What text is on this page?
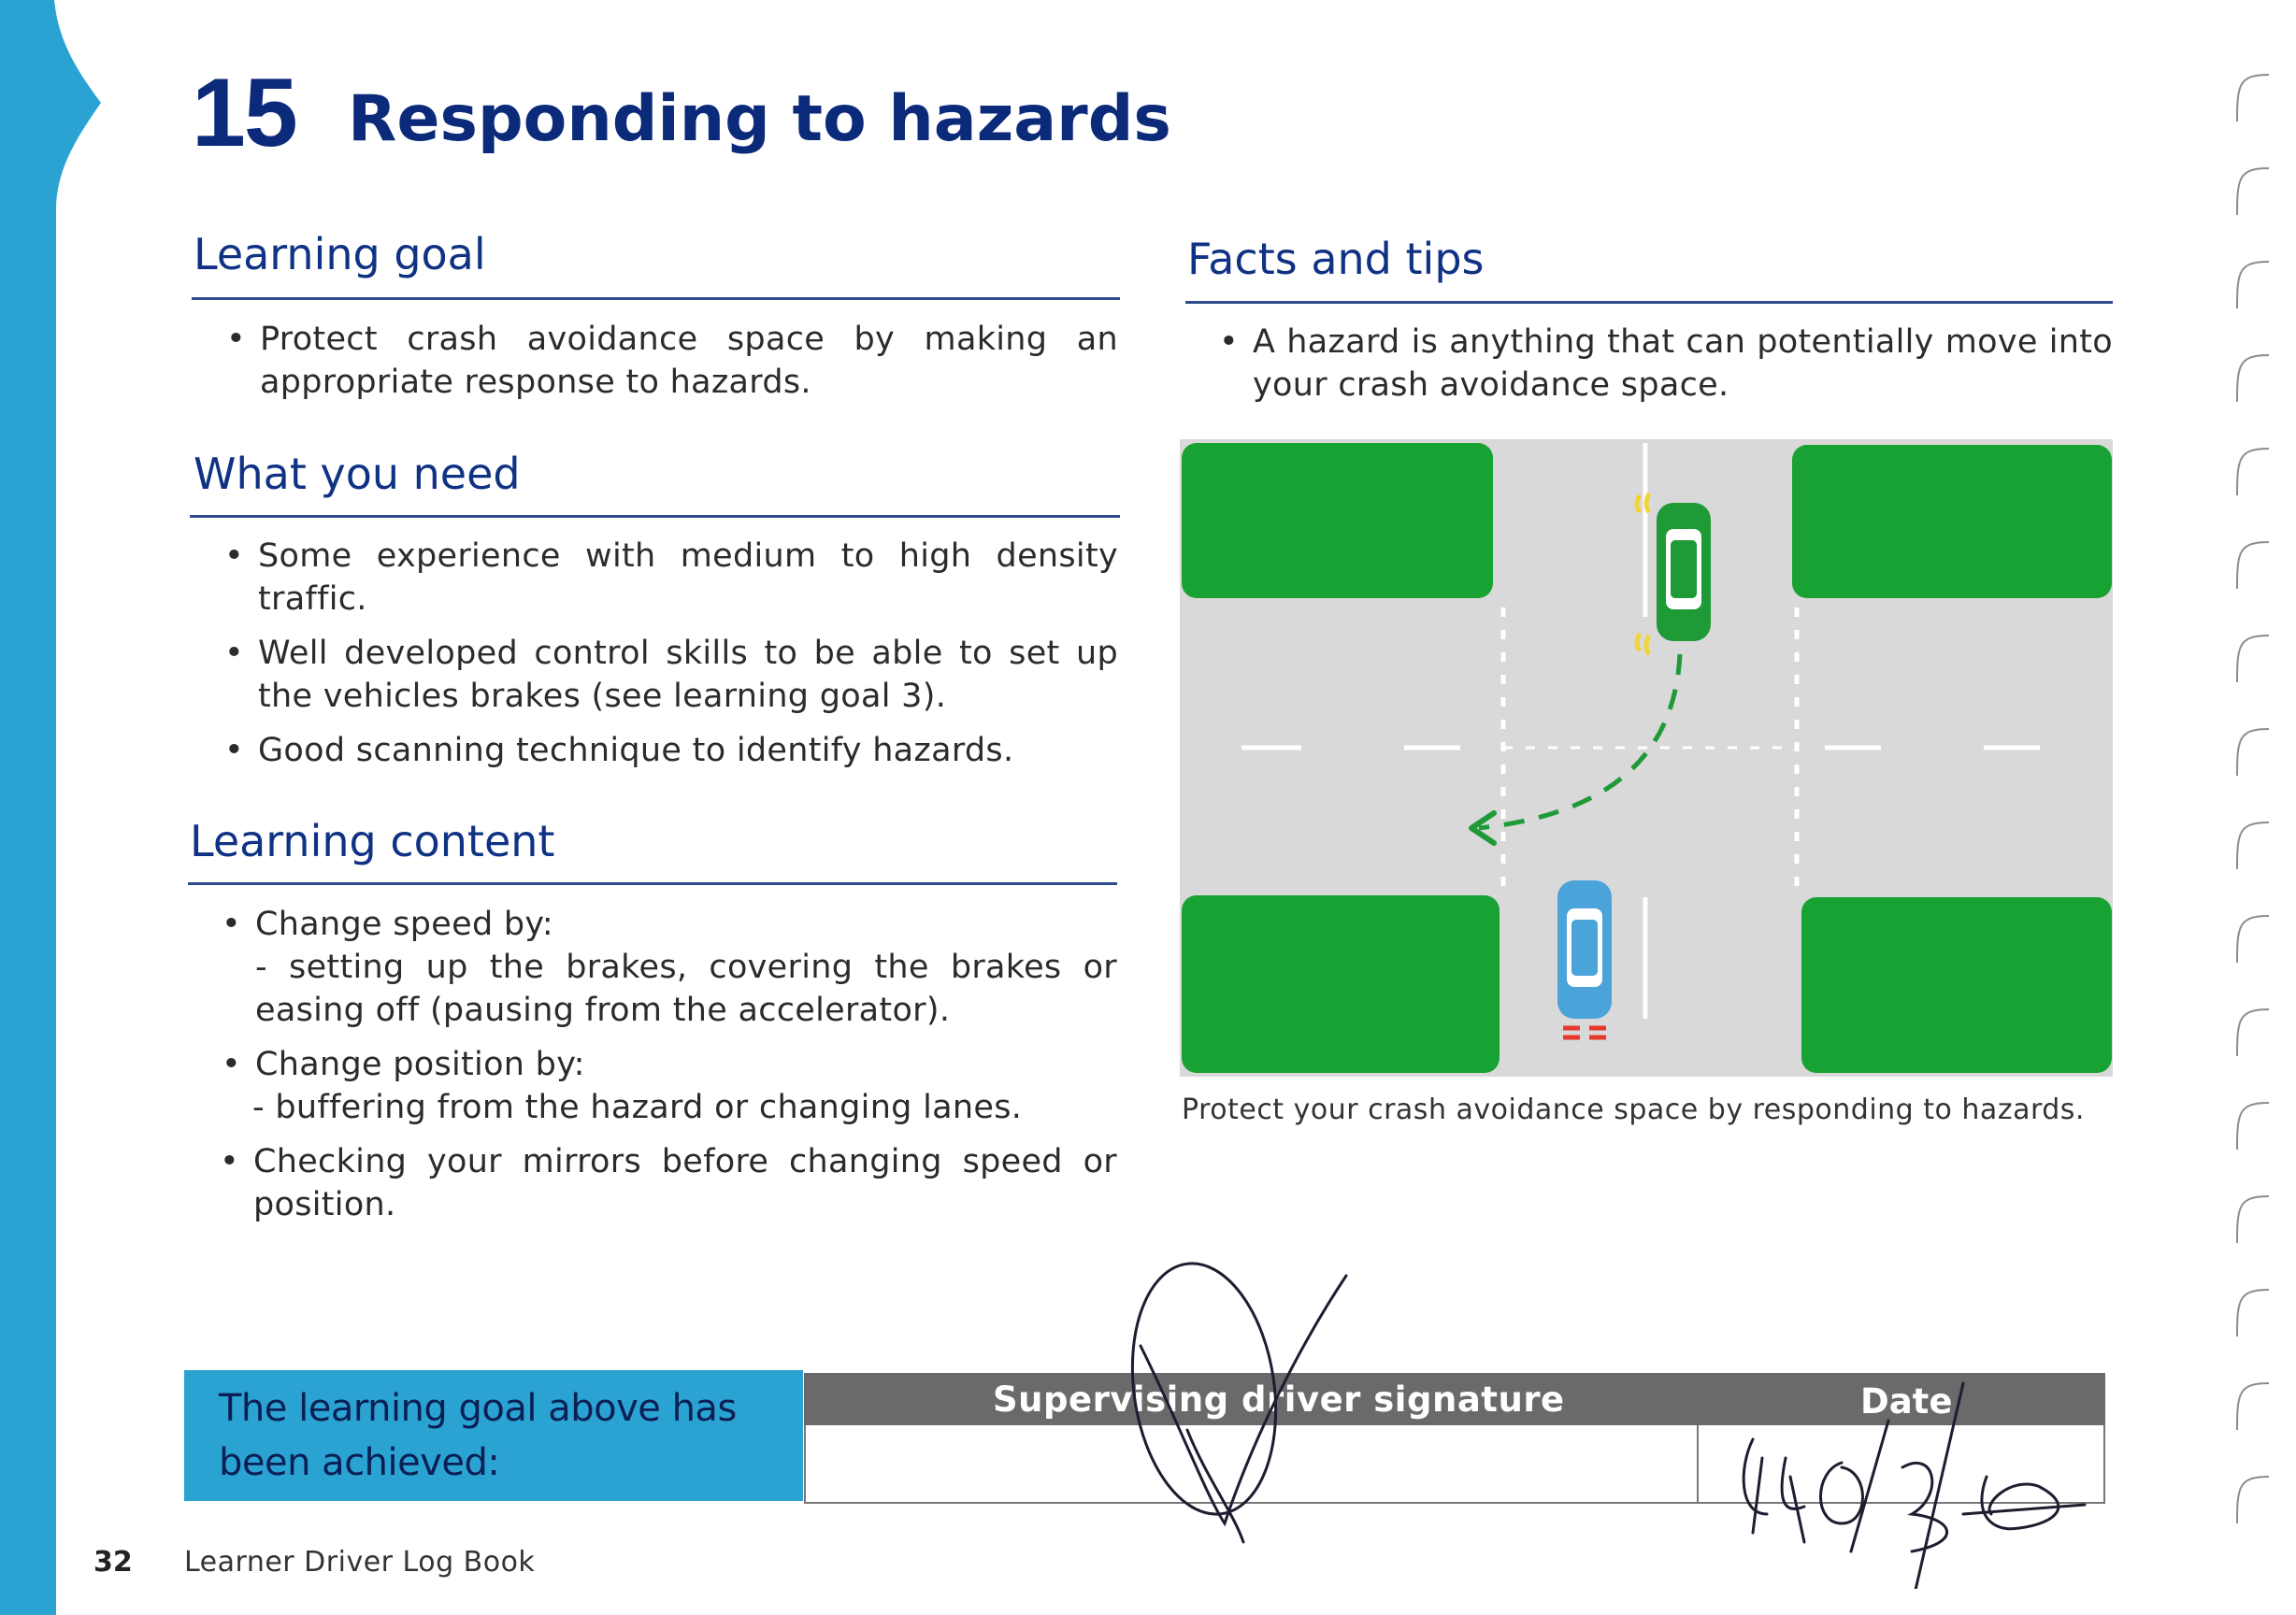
15 Responding to hazards
Learning goal
• Protect crash avoidance space by making an appropriate response to hazards.
What you need
• Some experience with medium to high density traffic.
• Well developed control skills to be able to set up the vehicles brakes (see learning goal 3).
• Good scanning technique to identify hazards.
Learning content
• Change speed by:
- setting up the brakes, covering the brakes or easing off (pausing from the accelerator).
• Change position by:
- buffering from the hazard or changing lanes.
• Checking your mirrors before changing speed or position.
Facts and tips
• A hazard is anything that can potentially move into your crash avoidance space.
Protect your crash avoidance space by responding to hazards.
The learning goal above has been achieved:
Supervising driver signature	Date
32 Learner Driver Log Book
